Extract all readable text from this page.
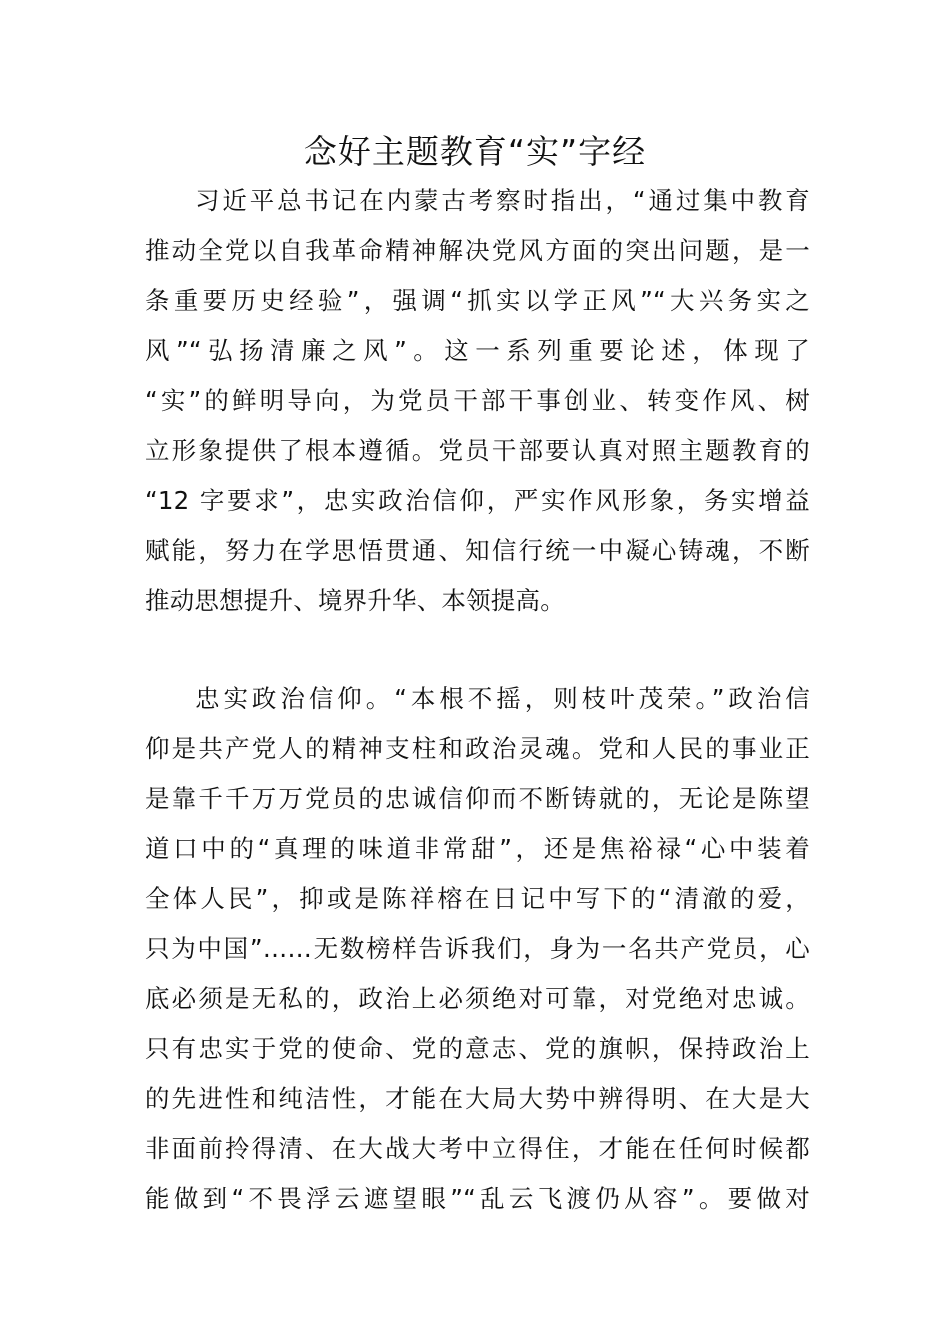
念好主题教育“实”字经
习近平总书记在内蒙古考察时指出，“通过集中教育
推动全党以自我革命精神解决党风方面的突出问题，是一
条重要历史经验”，强调“抓实以学正风”“大兴务实之
风”“弘扬清廉之风”。这一系列重要论述，体现了
“实”的鲜明导向，为党员干部干事创业、转变作风、树
立形象提供了根本遵循。党员干部要认真对照主题教育的
“12 字要求”，忠实政治信仰，严实作风形象，务实增益
赋能，努力在学思悟贯通、知信行统一中凝心铸魂，不断
推动思想提升、境界升华、本领提高。
忠实政治信仰。“本根不摇，则枝叶茂荣。”政治信
仰是共产党人的精神支柱和政治灵魂。党和人民的事业正
是靠千千万万党员的忠诚信仰而不断铸就的，无论是陈望
道口中的“真理的味道非常甜”，还是焦裕禄“心中装着
全体人民”，抑或是陈祥榕在日记中写下的“清澈的爱，
只为中国”……无数榜样告诉我们，身为一名共产党员，心
底必须是无私的，政治上必须绝对可靠，对党绝对忠诚。
只有忠实于党的使命、党的意志、党的旗帜，保持政治上
的先进性和纯洁性，才能在大局大势中辨得明、在大是大
非面前拎得清、在大战大考中立得住，才能在任何时候都
能做到“不畏浮云遮望眼”“乱云飞渡仍从容”。要做对
